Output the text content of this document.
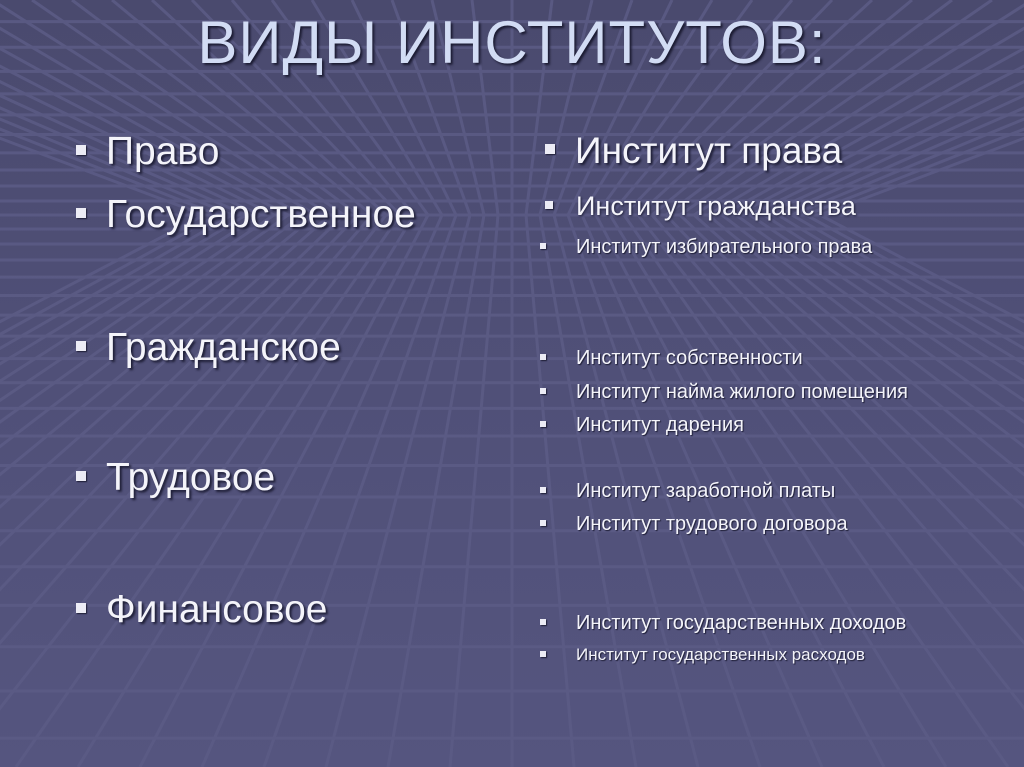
ВИДЫ ИНСТИТУТОВ:
Право
Государственное
Гражданское
Трудовое
Финансовое
Институт права
Институт гражданства
Институт избирательного права
Институт собственности
Институт найма жилого помещения
Институт дарения
Институт заработной платы
Институт трудового договора
Институт государственных доходов
Институт государственных расходов
